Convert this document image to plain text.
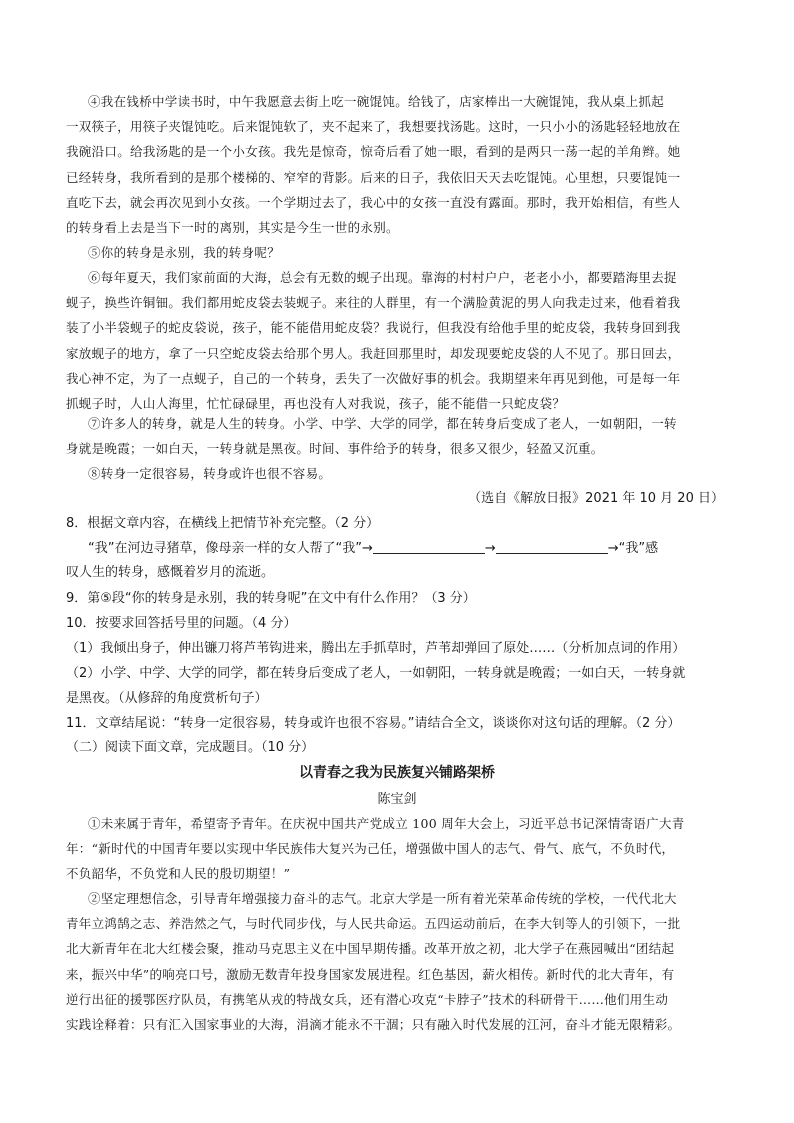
④我在钱桥中学读书时，中午我愿意去街上吃一碗馄饨。给钱了，店家棒出一大碗馄饨，我从桌上抓起
一双筷子，用筷子夹馄饨吃。后来馄饨软了，夹不起来了，我想要找汤匙。这时，一只小小的汤匙轻轻地放在
我碗沿口。给我汤匙的是一个小女孩。我先是惊奇，惊奇后看了她一眼，看到的是两只一荡一起的羊角辫。她
已经转身，我所看到的是那个楼梯的、窄窄的背影。后来的日子，我依旧天天去吃馄饨。心里想，只要馄饨一
直吃下去，就会再次见到小女孩。一个学期过去了，我心中的女孩一直没有露面。那时，我开始相信，有些人
的转身看上去是当下一时的离别，其实是今生一世的永别。
⑤你的转身是永别，我的转身呢？
⑥每年夏天，我们家前面的大海，总会有无数的蚬子出现。靠海的村村户户，老老小小，都要踏海里去捉
蚬子，换些许铜钿。我们都用蛇皮袋去装蚬子。来往的人群里，有一个满脸黄泥的男人向我走过来，他看着我
装了小半袋蚬子的蛇皮袋说，孩子，能不能借用蛇皮袋？我说行，但我没有给他手里的蛇皮袋，我转身回到我
家放蚬子的地方，拿了一只空蛇皮袋去给那个男人。我赶回那里时，却发现要蛇皮袋的人不见了。那日回去，
我心神不定，为了一点蚬子，自己的一个转身，丢失了一次做好事的机会。我期望来年再见到他，可是每一年
抓蚬子时，人山人海里，忙忙碌碌里，再也没有人对我说，孩子，能不能借一只蛇皮袋？
⑦许多人的转身，就是人生的转身。小学、中学、大学的同学，都在转身后变成了老人，一如朝阳，一转
身就是晚霞；一如白天，一转身就是黑夜。时间、事件给予的转身，很多又很少，轻盈又沉重。
⑧转身一定很容易，转身或许也很不容易。
（选自《解放日报》2021 年 10 月 20 日）
8．根据文章内容，在横线上把情节补充完整。（2 分）
“我”在河边寻猪草，像母亲一样的女人帮了“我”→	→	→“我”感
叹人生的转身，感慨着岁月的流逝。
9．第⑤段“你的转身是永别，我的转身呢”在文中有什么作用？（3 分）
10．按要求回答括号里的问题。（4 分）
（1）我倾出身子，伸出镰刀将芦苇钩进来，腾出左手抓草时，芦苇却弹回了原处……（分析加点词的作用）
（2）小学、中学、大学的同学，都在转身后变成了老人，一如朝阳，一转身就是晚霞；一如白天，一转身就
是黑夜。（从修辞的角度赏析句子）
11．文章结尾说：“转身一定很容易，转身或许也很不容易。”请结合全文，谈谈你对这句话的理解。（2 分）
（二）阅读下面文章，完成题目。（10 分）
以青春之我为民族复兴铺路架桥
陈宝剑
①未来属于青年，希望寄予青年。在庆祝中国共产党成立 100 周年大会上，习近平总书记深情寄语广大青
年：“新时代的中国青年要以实现中华民族伟大复兴为己任，增强做中国人的志气、骨气、底气，不负时代，
不负韶华，不负党和人民的殷切期望！”
②坚定理想信念，引导青年增强接力奋斗的志气。北京大学是一所有着光荣革命传统的学校，一代代北大
青年立鸿鹄之志、养浩然之气，与时代同步伐，与人民共命运。五四运动前后，在李大钊等人的引领下，一批
北大新青年在北大红楼会聚，推动马克思主义在中国早期传播。改革开放之初，北大学子在燕园喊出“团结起
来，振兴中华”的响亮口号，激励无数青年投身国家发展进程。红色基因，薪火相传。新时代的北大青年，有
逆行出征的援鄂医疗队员，有携笔从戎的特战女兵，还有潜心攻克“卡脖子”技术的科研骨干……他们用生动
实践诠释着：只有汇入国家事业的大海，涓滴才能永不干涸；只有融入时代发展的江河，奋斗才能无限精彩。
